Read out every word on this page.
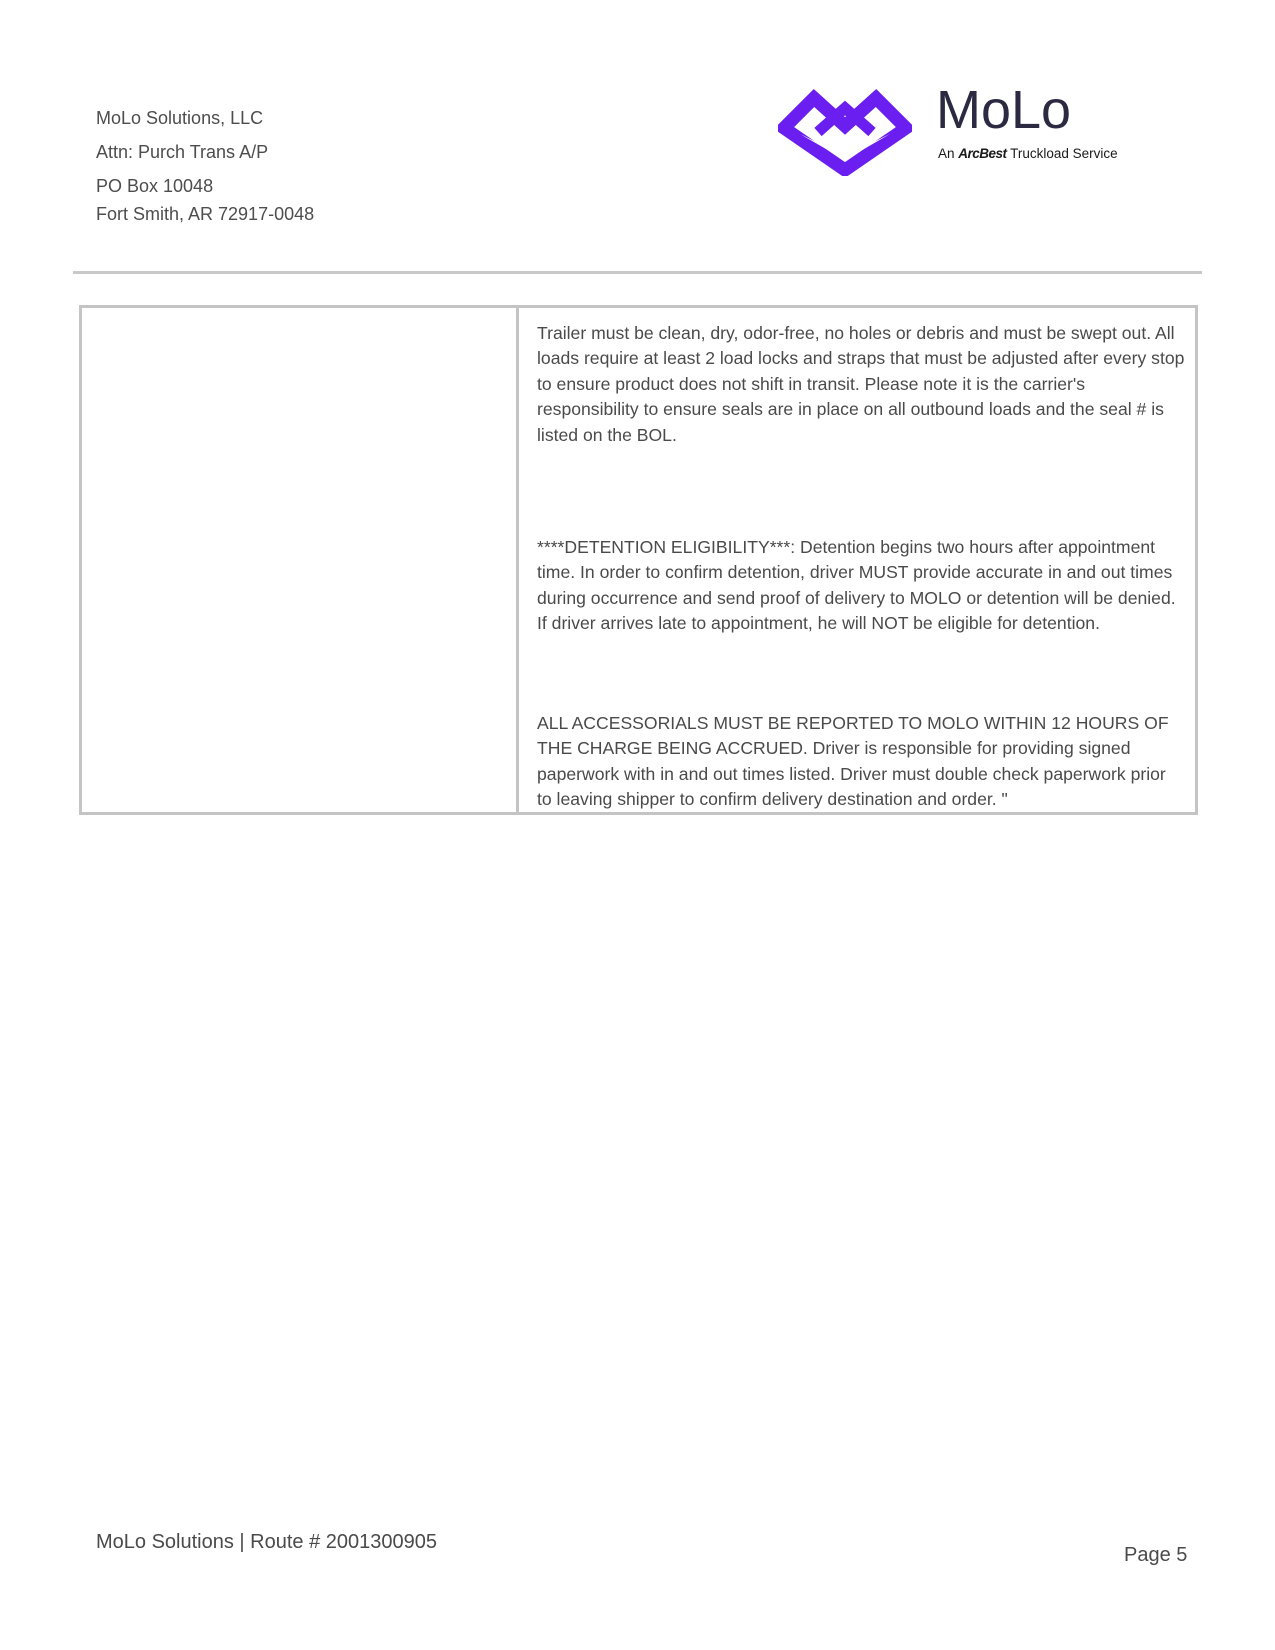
MoLo Solutions, LLC
Attn: Purch Trans A/P
PO Box 10048
Fort Smith, AR 72917-0048
MoLo
An ArcBest Truckload Service

Trailer must be clean, dry, odor-free, no holes or debris and must be swept out. All loads require at least 2 load locks and straps that must be adjusted after every stop to ensure product does not shift in transit. Please note it is the carrier's responsibility to ensure seals are in place on all outbound loads and the seal # is listed on the BOL.

****DETENTION ELIGIBILITY***: Detention begins two hours after appointment time. In order to confirm detention, driver MUST provide accurate in and out times during occurrence and send proof of delivery to MOLO or detention will be denied. If driver arrives late to appointment, he will NOT be eligible for detention.

ALL ACCESSORIALS MUST BE REPORTED TO MOLO WITHIN 12 HOURS OF THE CHARGE BEING ACCRUED. Driver is responsible for providing signed paperwork with in and out times listed. Driver must double check paperwork prior to leaving shipper to confirm delivery destination and order. "

MoLo Solutions | Route # 2001300905
Page 5
